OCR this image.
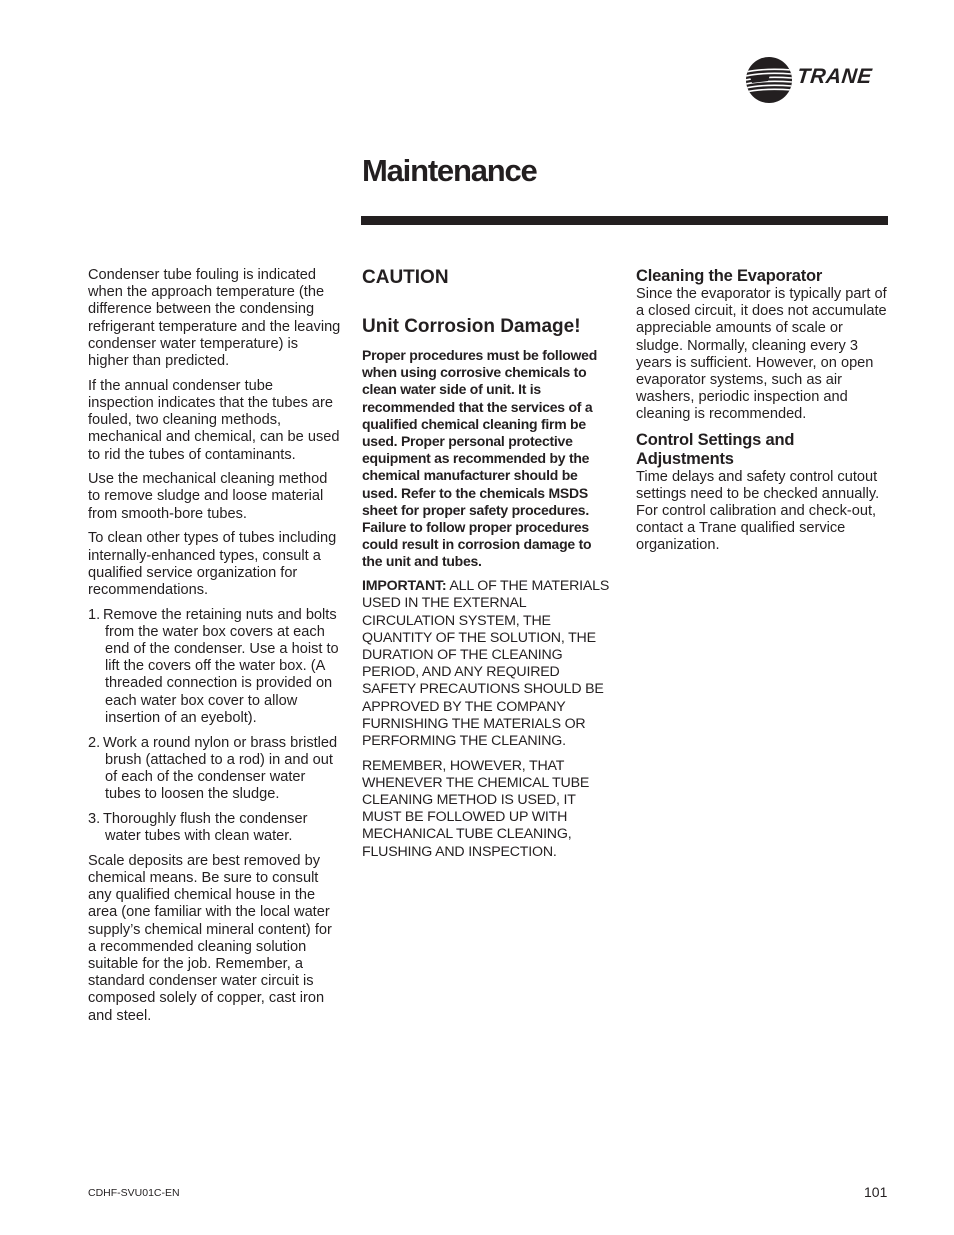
TRANE
Maintenance

Condenser tube fouling is indicated when the approach temperature (the difference between the condensing refrigerant temperature and the leaving condenser water temperature) is higher than predicted.

If the annual condenser tube inspection indicates that the tubes are fouled, two cleaning methods, mechanical and chemical, can be used to rid the tubes of contaminants.

Use the mechanical cleaning method to remove sludge and loose material from smooth-bore tubes.

To clean other types of tubes including internally-enhanced types, consult a qualified service organization for recommendations.

1. Remove the retaining nuts and bolts from the water box covers at each end of the condenser. Use a hoist to lift the covers off the water box. (A threaded connection is provided on each water box cover to allow insertion of an eyebolt).
2. Work a round nylon or brass bristled brush (attached to a rod) in and out of each of the condenser water tubes to loosen the sludge.
3. Thoroughly flush the condenser water tubes with clean water.

Scale deposits are best removed by chemical means. Be sure to consult any qualified chemical house in the area (one familiar with the local water supply’s chemical mineral content) for a recommended cleaning solution suitable for the job. Remember, a standard condenser water circuit is composed solely of copper, cast iron and steel.

CAUTION
Unit Corrosion Damage!

Proper procedures must be followed when using corrosive chemicals to clean water side of unit. It is recommended that the services of a qualified chemical cleaning firm be used. Proper personal protective equipment as recommended by the chemical manufacturer should be used. Refer to the chemicals MSDS sheet for proper safety procedures. Failure to follow proper procedures could result in corrosion damage to the unit and tubes.

IMPORTANT: ALL OF THE MATERIALS USED IN THE EXTERNAL CIRCULATION SYSTEM, THE QUANTITY OF THE SOLUTION, THE DURATION OF THE CLEANING PERIOD, AND ANY REQUIRED SAFETY PRECAUTIONS SHOULD BE APPROVED BY THE COMPANY FURNISHING THE MATERIALS OR PERFORMING THE CLEANING.

REMEMBER, HOWEVER, THAT WHENEVER THE CHEMICAL TUBE CLEANING METHOD IS USED, IT MUST BE FOLLOWED UP WITH MECHANICAL TUBE CLEANING, FLUSHING AND INSPECTION.

Cleaning the Evaporator

Since the evaporator is typically part of a closed circuit, it does not accumulate appreciable amounts of scale or sludge. Normally, cleaning every 3 years is sufficient. However, on open evaporator systems, such as air washers, periodic inspection and cleaning is recommended.

Control Settings and Adjustments

Time delays and safety control cutout settings need to be checked annually. For control calibration and check-out, contact a Trane qualified service organization.

CDHF-SVU01C-EN	101
